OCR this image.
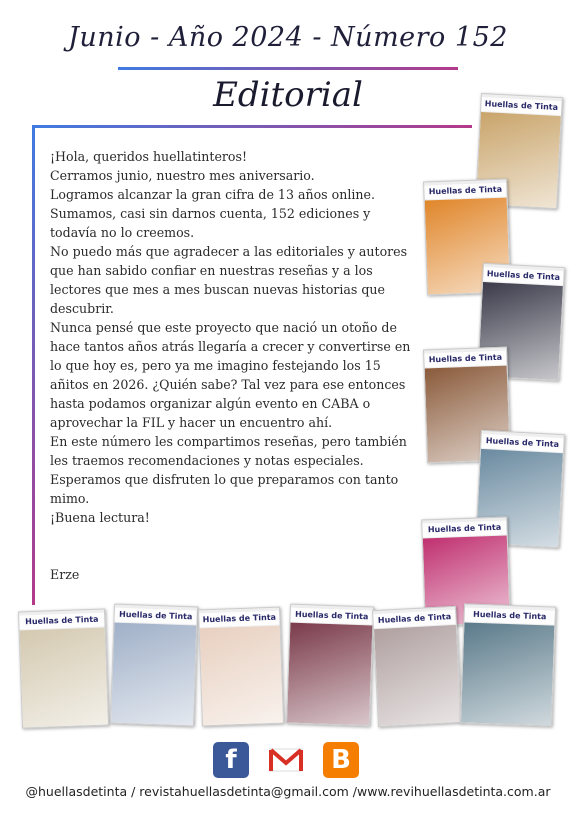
Junio - Año 2024 - Número 152
Editorial

¡Hola, queridos huellatinteros!

Cerramos junio, nuestro mes aniversario.

Logramos alcanzar la gran cifra de 13 años online.

Sumamos, casi sin darnos cuenta, 152 ediciones y todavía no lo creemos.

No puedo más que agradecer a las editoriales y autores que han sabido confiar en nuestras reseñas y a los lectores que mes a mes buscan nuevas historias que descubrir.

Nunca pensé que este proyecto que nació un otoño de hace tantos años atrás llegaría a crecer y convertirse en lo que hoy es, pero ya me imagino festejando los 15 añitos en 2026. ¿Quién sabe? Tal vez para ese entonces hasta podamos organizar algún evento en CABA o aprovechar la FIL y hacer un encuentro ahí.

En este número les compartimos reseñas, pero también les traemos recomendaciones y notas especiales.

Esperamos que disfruten lo que preparamos con tanto mimo.

¡Buena lectura!

Erze
Huellas de Tinta
Huellas de Tinta
Huellas de Tinta
Huellas de Tinta
Huellas de Tinta
Huellas de Tinta
Huellas de Tinta	Huellas de Tinta	Huellas de Tinta	Huellas de Tinta	Huellas de Tinta	Huellas de Tinta
f	B
@huellasdetinta / revistahuellasdetinta@gmail.com /www.revihuellasdetinta.com.ar
